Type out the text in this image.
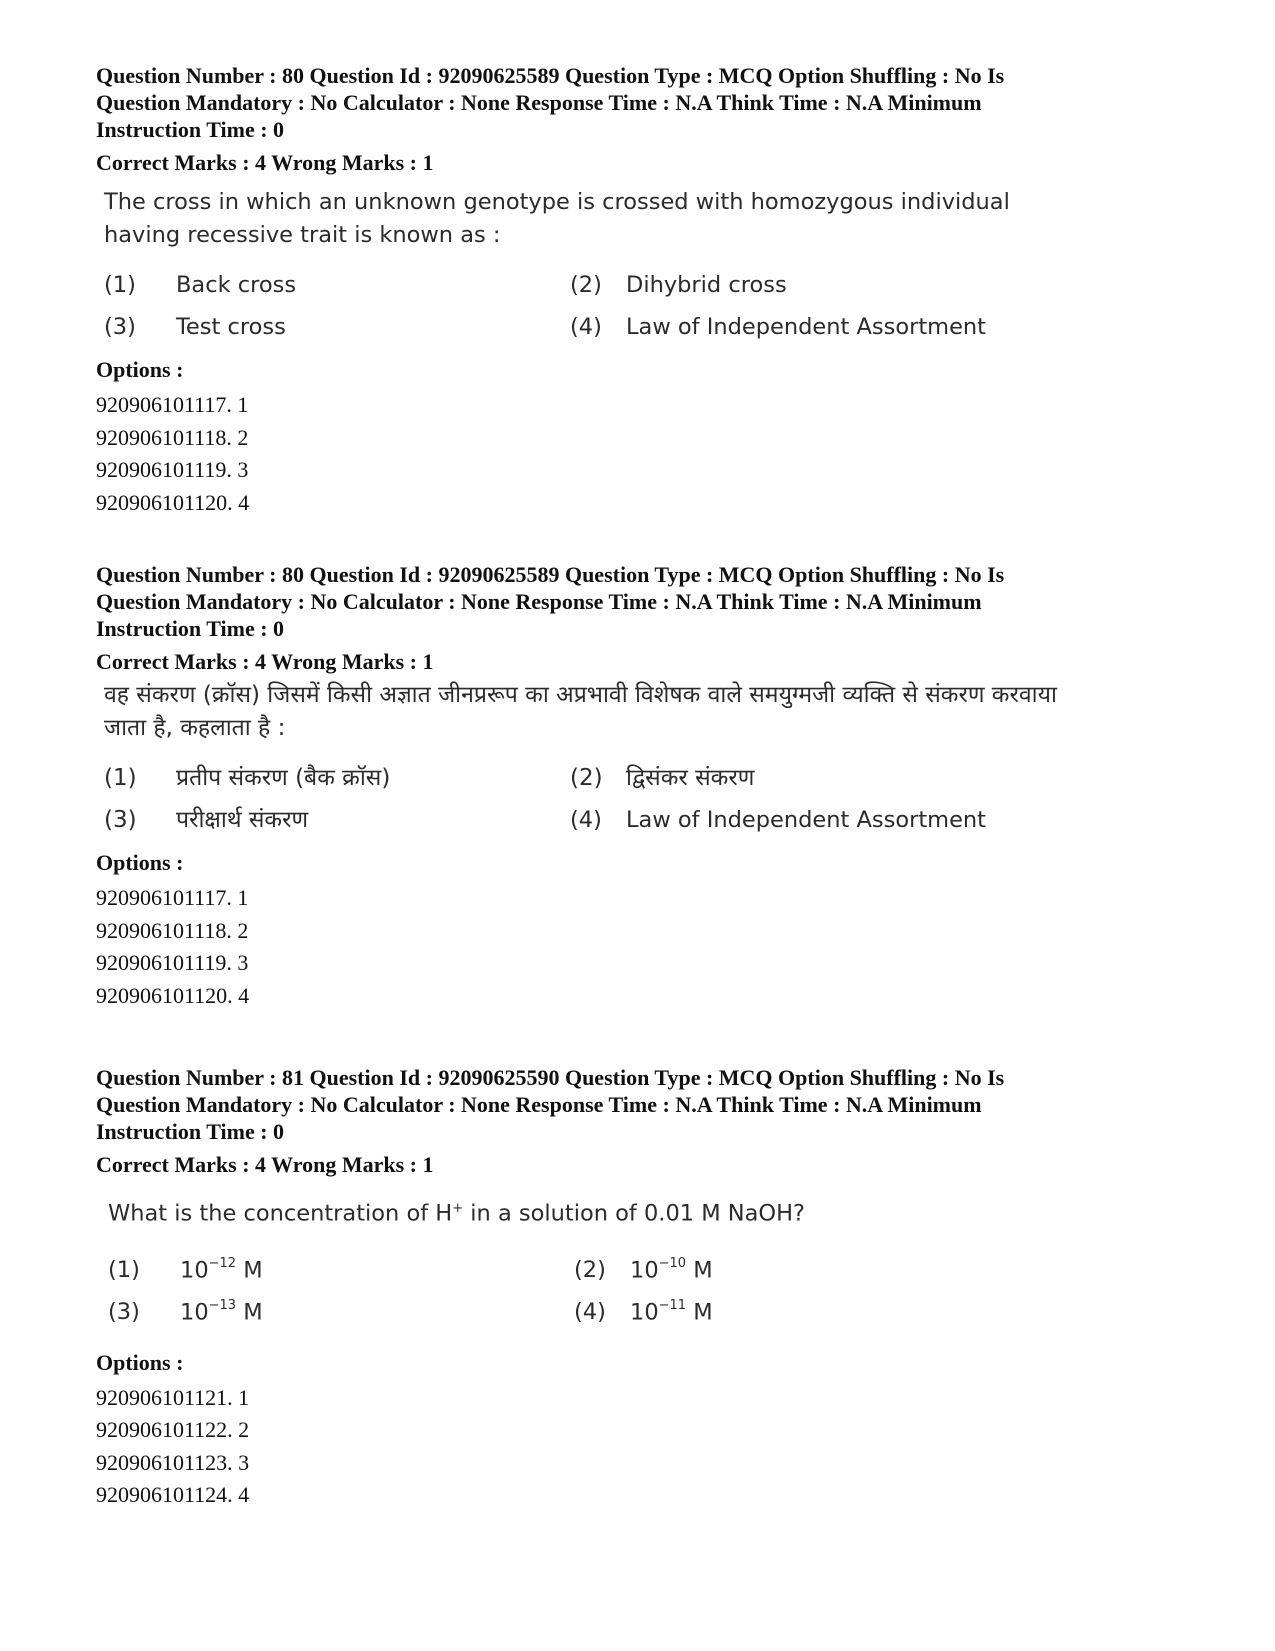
Question Number : 80 Question Id : 92090625589 Question Type : MCQ Option Shuffling : No Is

Question Mandatory : No Calculator : None Response Time : N.A Think Time : N.A Minimum

Instruction Time : 0

Correct Marks : 4 Wrong Marks : 1

The cross in which an unknown genotype is crossed with homozygous individual having recessive trait is known as :

(1) Back cross	(2) Dihybrid cross
(3) Test cross	(4) Law of Independent Assortment
Options :
920906101117. 1
920906101118. 2
920906101119. 3
920906101120. 4

Question Number : 80 Question Id : 92090625589 Question Type : MCQ Option Shuffling : No Is

Question Mandatory : No Calculator : None Response Time : N.A Think Time : N.A Minimum

Instruction Time : 0

Correct Marks : 4 Wrong Marks : 1

वह संकरण (क्रॉस) जिसमें किसी अज्ञात जीनप्ररूप का अप्रभावी विशेषक वाले समयुग्मजी व्यक्ति से संकरण करवाया जाता है, कहलाता है :

(1) प्रतीप संकरण (बैक क्रॉस)	(2) द्विसंकर संकरण
(3) परीक्षार्थ संकरण	(4) Law of Independent Assortment
Options :
920906101117. 1
920906101118. 2
920906101119. 3
920906101120. 4

Question Number : 81 Question Id : 92090625590 Question Type : MCQ Option Shuffling : No Is

Question Mandatory : No Calculator : None Response Time : N.A Think Time : N.A Minimum

Instruction Time : 0

Correct Marks : 4 Wrong Marks : 1

What is the concentration of H+ in a solution of 0.01 M NaOH?

(1) $10^{-12}$ M	(2) $10^{-10}$ M
(3) $10^{-13}$ M	(4) $10^{-11}$ M
Options :
920906101121. 1
920906101122. 2
920906101123. 3
920906101124. 4
